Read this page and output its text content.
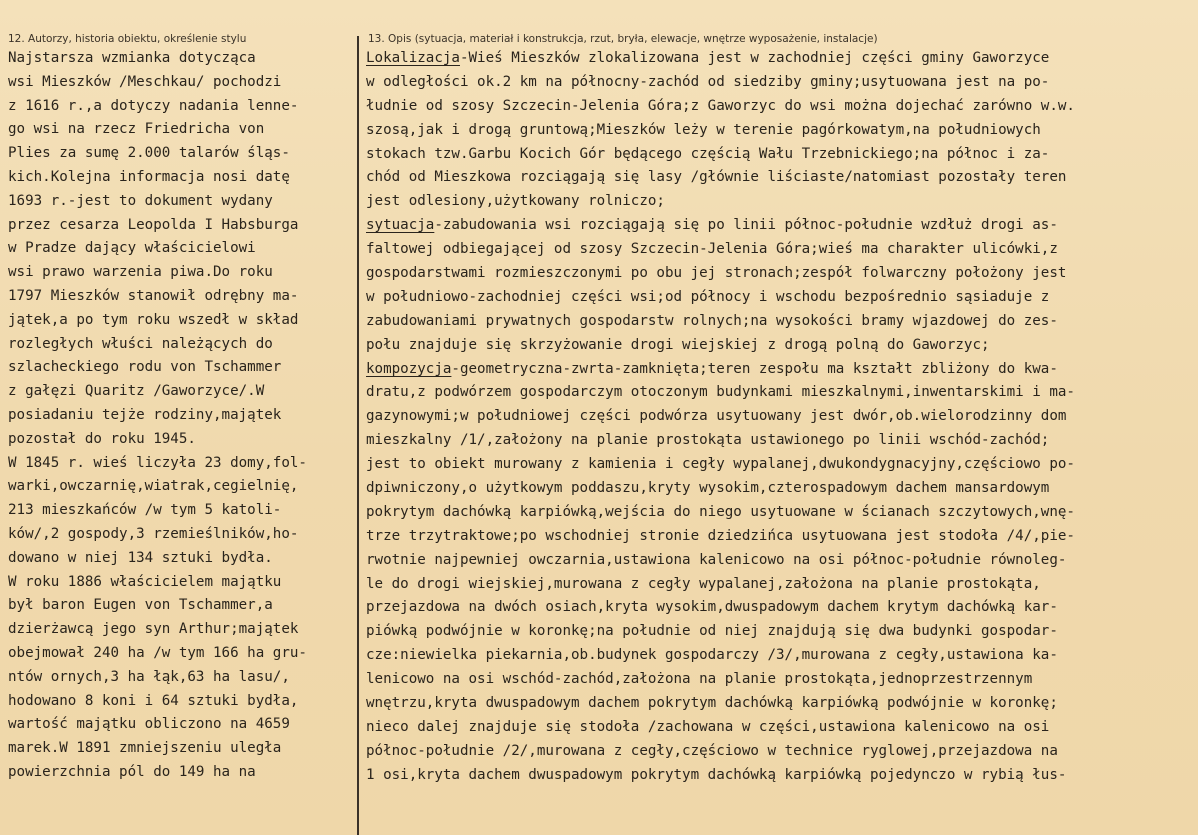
12. Autorzy, historia obiektu, określenie stylu	13. Opis (sytuacja, materiał i konstrukcja, rzut, bryła, elewacje, wnętrze wyposażenie, instalacje)
Najstarsza wzmianka dotycząca
wsi Mieszków /Meschkau/ pochodzi
z 1616 r.,a dotyczy nadania lenne-
go wsi na rzecz Friedricha von
Plies za sumę 2.000 talarów śląs-
kich.Kolejna informacja nosi datę
1693 r.-jest to dokument wydany
przez cesarza Leopolda I Habsburga
w Pradze dający właścicielowi
wsi prawo warzenia piwa.Do roku
1797 Mieszków stanowił odrębny ma-
jątek,a po tym roku wszedł w skład
rozległych włuści należących do
szlacheckiego rodu von Tschammer
z gałęzi Quaritz /Gaworzyce/.W
posiadaniu tejże rodziny,majątek
pozostał do roku 1945.
W 1845 r. wieś liczyła 23 domy,fol-
warki,owczarnię,wiatrak,cegielnię,
213 mieszkańców /w tym 5 katoli-
ków/,2 gospody,3 rzemieślników,ho-
dowano w niej 134 sztuki bydła.
W roku 1886 właścicielem majątku
był baron Eugen von Tschammer,a
dzierżawcą jego syn Arthur;majątek
obejmował 240 ha /w tym 166 ha gru-
ntów ornych,3 ha łąk,63 ha lasu/,
hodowano 8 koni i 64 sztuki bydła,
wartość majątku obliczono na 4659
marek.W 1891 zmniejszeniu uległa
powierzchnia pól do 149 ha na
Lokalizacja-Wieś Mieszków zlokalizowana jest w zachodniej części gminy Gaworzyce
w odległości ok.2 km na północny-zachód od siedziby gminy;usytuowana jest na po-
łudnie od szosy Szczecin-Jelenia Góra;z Gaworzyc do wsi można dojechać zarówno w.w.
szosą,jak i drogą gruntową;Mieszków leży w terenie pagórkowatym,na południowych
stokach tzw.Garbu Kocich Gór będącego częścią Wału Trzebnickiego;na północ i za-
chód od Mieszkowa rozciągają się lasy /głównie liściaste/natomiast pozostały teren
jest odlesiony,użytkowany rolniczo;
sytuacja-zabudowania wsi rozciągają się po linii północ-południe wzdłuż drogi as-
faltowej odbiegającej od szosy Szczecin-Jelenia Góra;wieś ma charakter ulicówki,z
gospodarstwami rozmieszczonymi po obu jej stronach;zespół folwarczny położony jest
w południowo-zachodniej części wsi;od północy i wschodu bezpośrednio sąsiaduje z
zabudowaniami prywatnych gospodarstw rolnych;na wysokości bramy wjazdowej do zes-
połu znajduje się skrzyżowanie drogi wiejskiej z drogą polną do Gaworzyc;
kompozycja-geometryczna-zwrta-zamknięta;teren zespołu ma kształt zbliżony do kwa-
dratu,z podwórzem gospodarczym otoczonym budynkami mieszkalnymi,inwentarskimi i ma-
gazynowymi;w południowej części podwórza usytuowany jest dwór,ob.wielorodzinny dom
mieszkalny /1/,założony na planie prostokąta ustawionego po linii wschód-zachód;
jest to obiekt murowany z kamienia i cegły wypalanej,dwukondygnacyjny,częściowo po-
dpiwniczony,o użytkowym poddaszu,kryty wysokim,czterospadowym dachem mansardowym
pokrytym dachówką karpiówką,wejścia do niego usytuowane w ścianach szczytowych,wnę-
trze trzytraktowe;po wschodniej stronie dziedzińca usytuowana jest stodoła /4/,pie-
rwotnie najpewniej owczarnia,ustawiona kalenicowo na osi północ-południe równoleg-
le do drogi wiejskiej,murowana z cegły wypalanej,założona na planie prostokąta,
przejazdowa na dwóch osiach,kryta wysokim,dwuspadowym dachem krytym dachówką kar-
piówką podwójnie w koronkę;na południe od niej znajdują się dwa budynki gospodar-
cze:niewielka piekarnia,ob.budynek gospodarczy /3/,murowana z cegły,ustawiona ka-
lenicowo na osi wschód-zachód,założona na planie prostokąta,jednoprzestrzennym
wnętrzu,kryta dwuspadowym dachem pokrytym dachówką karpiówką podwójnie w koronkę;
nieco dalej znajduje się stodoła /zachowana w części,ustawiona kalenicowo na osi
północ-południe /2/,murowana z cegły,częściowo w technice ryglowej,przejazdowa na
1 osi,kryta dachem dwuspadowym pokrytym dachówką karpiówką pojedynczo w rybią łus-
